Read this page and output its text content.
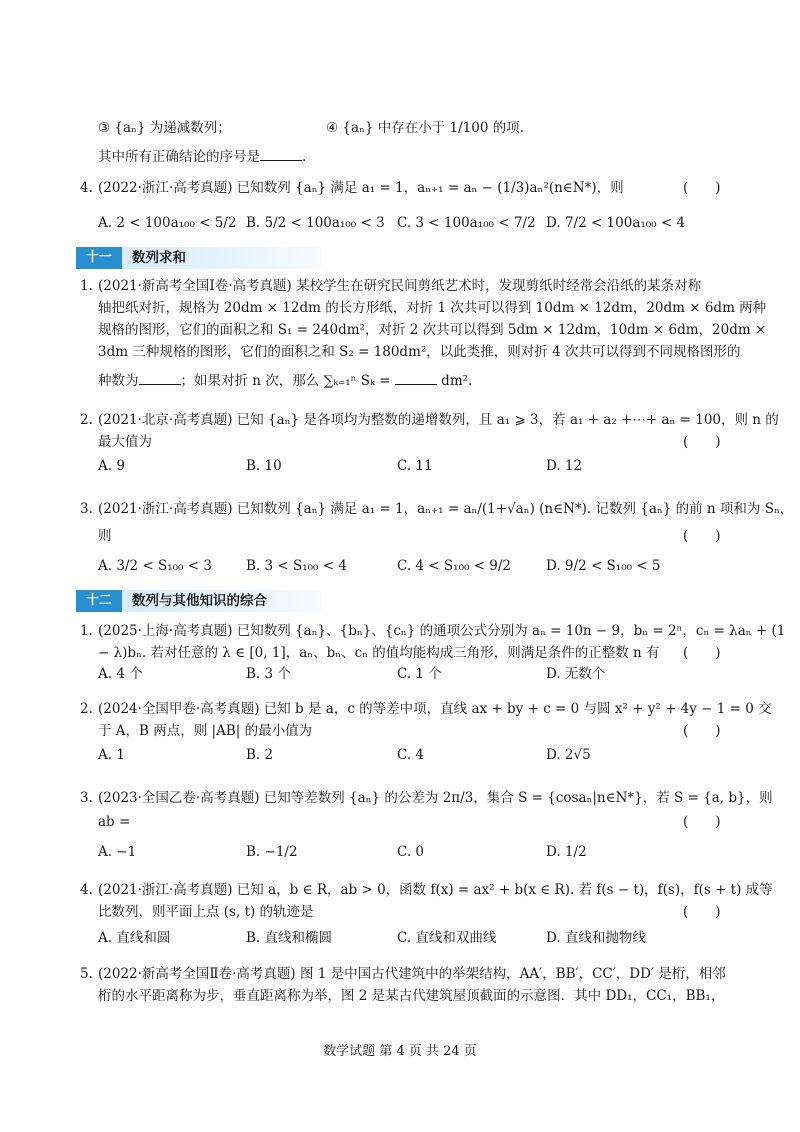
③ {aₙ} 为递减数列；	④ {aₙ} 中存在小于 1/100 的项.
其中所有正确结论的序号是	.
4. (2022·浙江·高考真题) 已知数列 {aₙ} 满足 a₁ = 1，aₙ₊₁ = aₙ − (1/3)aₙ²(n∈N*)，则	(　　)
A. 2 < 100a₁₀₀ < 5/2 B. 5/2 < 100a₁₀₀ < 3 C. 3 < 100a₁₀₀ < 7/2 D. 7/2 < 100a₁₀₀ < 4
十一	数列求和
1. (2021·新高考全国Ⅰ卷·高考真题) 某校学生在研究民间剪纸艺术时，发现剪纸时经常会沿纸的某条对称
轴把纸对折，规格为 20dm × 12dm 的长方形纸，对折 1 次共可以得到 10dm × 12dm，20dm × 6dm 两种
规格的图形，它们的面积之和 S₁ = 240dm²，对折 2 次共可以得到 5dm × 12dm，10dm × 6dm，20dm ×
3dm 三种规格的图形，它们的面积之和 S₂ = 180dm²，以此类推，则对折 4 次共可以得到不同规格图形的
种数为	；如果对折 n 次，那么 ∑ₖ₌₁ⁿ Sₖ =	dm².
2. (2021·北京·高考真题) 已知 {aₙ} 是各项均为整数的递增数列，且 a₁ ⩾ 3，若 a₁ + a₂ +⋯+ aₙ = 100，则 n 的
最大值为	(　　)
A. 9	B. 10	C. 11	D. 12
3. (2021·浙江·高考真题) 已知数列 {aₙ} 满足 a₁ = 1，aₙ₊₁ = aₙ/(1+√aₙ) (n∈N*). 记数列 {aₙ} 的前 n 项和为 Sₙ，
则	(　　)
A. 3/2 < S₁₀₀ < 3	B. 3 < S₁₀₀ < 4	C. 4 < S₁₀₀ < 9/2	D. 9/2 < S₁₀₀ < 5
十二	数列与其他知识的综合
1. (2025·上海·高考真题) 已知数列 {aₙ}、{bₙ}、{cₙ} 的通项公式分别为 aₙ = 10n − 9，bₙ = 2ⁿ，cₙ = λaₙ + (1
− λ)bₙ. 若对任意的 λ ∈ [0, 1]，aₙ、bₙ、cₙ 的值均能构成三角形，则满足条件的正整数 n 有 (　　)
A. 4 个	B. 3 个	C. 1 个	D. 无数个
2. (2024·全国甲卷·高考真题) 已知 b 是 a，c 的等差中项，直线 ax + by + c = 0 与圆 x² + y² + 4y − 1 = 0 交
于 A，B 两点，则 |AB| 的最小值为	(　　)
A. 1	B. 2	C. 4	D. 2√5
3. (2023·全国乙卷·高考真题) 已知等差数列 {aₙ} 的公差为 2π/3，集合 S = {cosaₙ|n∈N*}，若 S = {a, b}，则
ab =	(　　)
A. −1	B. −1/2	C. 0	D. 1/2
4. (2021·浙江·高考真题) 已知 a，b ∈ R，ab > 0，函数 f(x) = ax² + b(x ∈ R). 若 f(s − t)，f(s)，f(s + t) 成等
比数列，则平面上点 (s, t) 的轨迹是	(　　)
A. 直线和圆	B. 直线和椭圆	C. 直线和双曲线	D. 直线和抛物线
5. (2022·新高考全国Ⅱ卷·高考真题) 图 1 是中国古代建筑中的举架结构，AA′，BB′，CC′，DD′ 是桁，相邻
桁的水平距离称为步，垂直距离称为举，图 2 是某古代建筑屋顶截面的示意图．其中 DD₁，CC₁，BB₁，
数学试题 第 4 页 共 24 页
